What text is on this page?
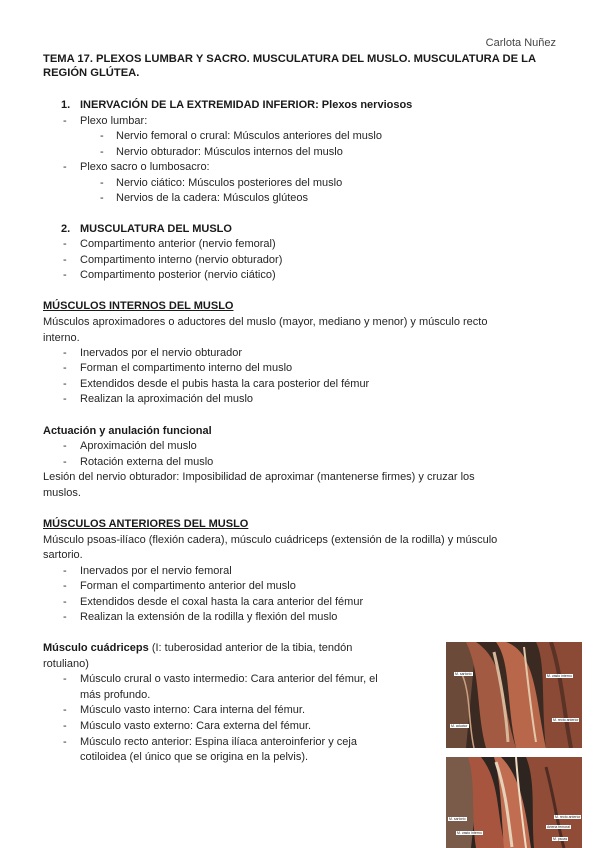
Carlota Nuñez
TEMA 17. PLEXOS LUMBAR Y SACRO. MUSCULATURA DEL MUSLO. MUSCULATURA DE LA REGIÓN GLÚTEA.
1. INERVACIÓN DE LA EXTREMIDAD INFERIOR: Plexos nerviosos
- Plexo lumbar:
- Nervio femoral o crural: Músculos anteriores del muslo
- Nervio obturador: Músculos internos del muslo
- Plexo sacro o lumbosacro:
- Nervio ciático: Músculos posteriores del muslo
- Nervios de la cadera: Músculos glúteos
2. MUSCULATURA DEL MUSLO
- Compartimento anterior (nervio femoral)
- Compartimento interno (nervio obturador)
- Compartimento posterior (nervio ciático)
MÚSCULOS INTERNOS DEL MUSLO
Músculos aproximadores o aductores del muslo (mayor, mediano y menor) y músculo recto
interno.
- Inervados por el nervio obturador
- Forman el compartimento interno del muslo
- Extendidos desde el pubis hasta la cara posterior del fémur
- Realizan la aproximación del muslo
Actuación y anulación funcional
- Aproximación del muslo
- Rotación externa del muslo
Lesión del nervio obturador: Imposibilidad de aproximar (mantenerse firmes) y cruzar los
muslos.
MÚSCULOS ANTERIORES DEL MUSLO
Músculo psoas-ilíaco (flexión cadera), músculo cuádriceps (extensión de la rodilla) y músculo
sartorio.
- Inervados por el nervio femoral
- Forman el compartimento anterior del muslo
- Extendidos desde el coxal hasta la cara anterior del fémur
- Realizan la extensión de la rodilla y flexión del muslo
Músculo cuádriceps (I: tuberosidad anterior de la tibia, tendón
rotuliano)
- Músculo crural o vasto intermedio: Cara anterior del fémur, el
más profundo.
- Músculo vasto interno: Cara interna del fémur.
- Músculo vasto externo: Cara externa del fémur.
- Músculo recto anterior: Espina ilíaca anteroinferior y ceja
cotiloidea (el único que se origina en la pelvis).
M. sartorio	M. vasto interno
M. aductor
M. recto anterior
M. sartorio	M. recto anterior
M. vasto interno
Arteria femoral
M. psoas
